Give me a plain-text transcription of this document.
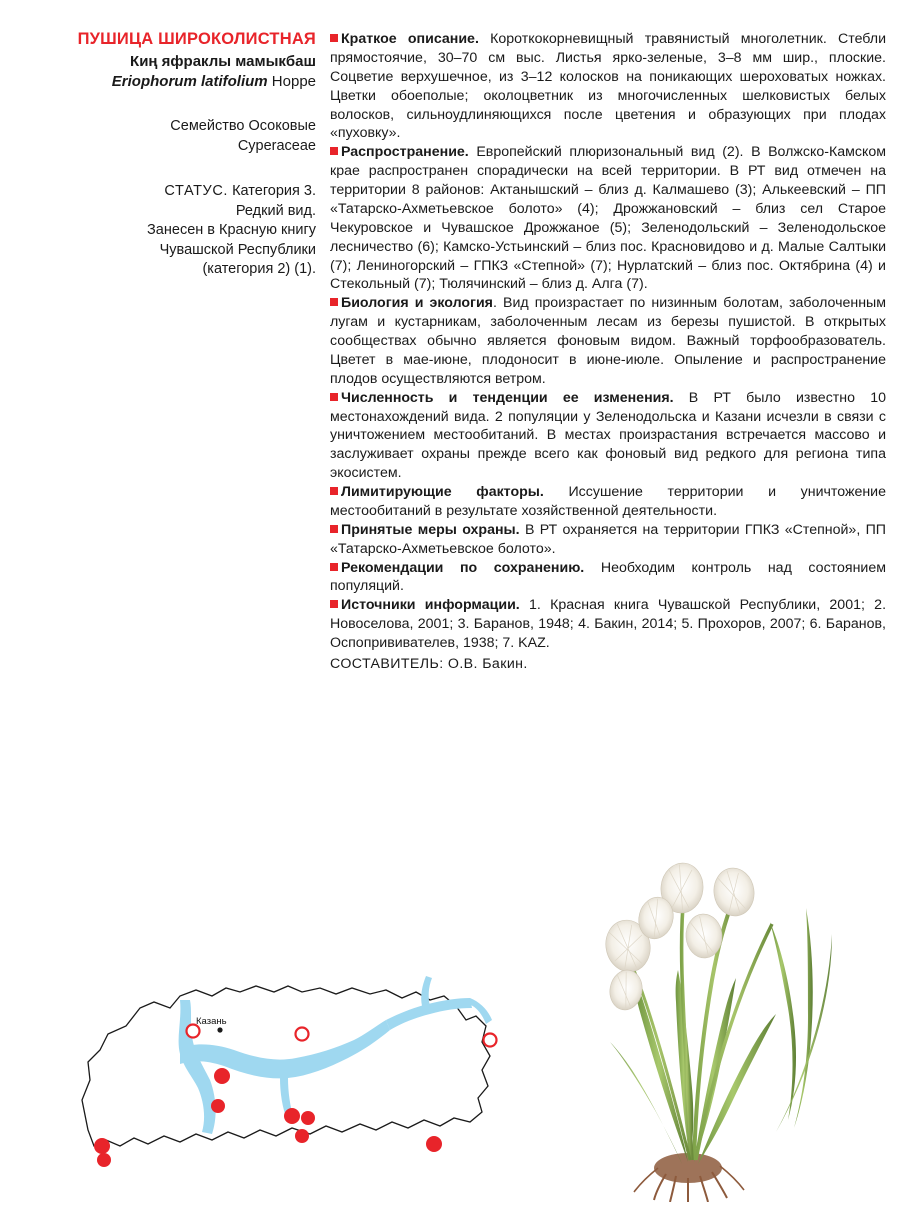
ПУШИЦА ШИРОКОЛИСТНАЯ
Киң яфраклы мамыкбаш
Eriophorum latifolium Hoppe
Семейство Осоковые
Cyperaceae
СТАТУС. Категория 3.
Редкий вид.
Занесен в Красную книгу
Чувашской Республики
(категория 2) (1).

Краткое описание. Короткокорневищный травянистый многолетник. Стебли прямостоячие, 30–70 см выс. Листья ярко-зеленые, 3–8 мм шир., плоские. Соцветие верхушечное, из 3–12 колосков на поникающих шероховатых ножках. Цветки обоеполые; околоцветник из многочисленных шелковистых белых волосков, сильноудлиняющихся после цветения и образующих при плодах «пуховку».

Распространение. Европейский плюризональный вид (2). В Волжско-Камском крае распространен спорадически на всей территории. В РТ вид отмечен на территории 8 районов: Актанышский – близ д. Калмашево (3); Алькеевский – ПП «Татарско-Ахметьевское болото» (4); Дрожжановский – близ сел Старое Чекуровское и Чувашское Дрожжаное (5); Зеленодольский – Зеленодольское лесничество (6); Камско-Устьинский – близ пос. Красновидово и д. Малые Салтыки (7); Лениногорский – ГПКЗ «Степной» (7); Нурлатский – близ пос. Октябрина (4) и Стекольный (7); Тюлячинский – близ д. Алга (7).

Биология и экология. Вид произрастает по низинным болотам, заболоченным лугам и кустарникам, заболоченным лесам из березы пушистой. В открытых сообществах обычно является фоновым видом. Важный торфообразователь. Цветет в мае-июне, плодоносит в июне-июле. Опыление и распространение плодов осуществляются ветром.

Численность и тенденции ее изменения. В РТ было известно 10 местонахождений вида. 2 популяции у Зеленодольска и Казани исчезли в связи с уничтожением местообитаний. В местах произрастания встречается массово и заслуживает охраны прежде всего как фоновый вид редкого для региона типа экосистем.

Лимитирующие факторы. Иссушение территории и уничтожение местообитаний в результате хозяйственной деятельности.

Принятые меры охраны. В РТ охраняется на территории ГПКЗ «Степной», ПП «Татарско-Ахметьевское болото».

Рекомендации по сохранению. Необходим контроль над состоянием популяций.

Источники информации. 1. Красная книга Чувашской Республики, 2001; 2. Новоселова, 2001; 3. Баранов, 1948; 4. Бакин, 2014; 5. Прохоров, 2007; 6. Баранов, Оспопрививателев, 1938; 7. KAZ.

СОСТАВИТЕЛЬ: О.В. Бакин.

Казань
